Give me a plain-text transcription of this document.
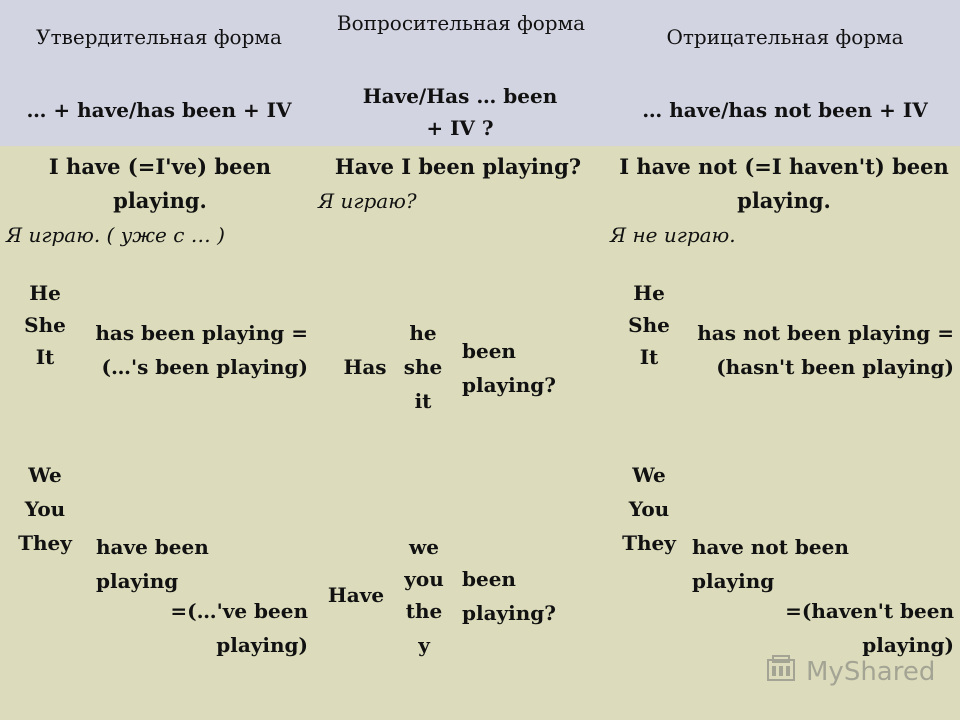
Утвердительная форма
Вопросительная форма
Отрицательная форма
… + have/has been + IV
Have/Has … been + IV ?
… have/has not been + IV
I have (=I've) been playing.
Я играю. ( уже с … )
Have I been playing?
Я играю?
I have not (=I haven't) been playing.
Я не играю.
He
She
It
has been playing =(…'s been playing)	Has
he
she
it
been playing?
He
She
It
has not been playing =(hasn't been playing)
We
You
They	have been playing
=(…'ve been playing)
Have
we
you
the y
been playing?
We
You
They have not been playing
=(haven't been playing)
MyShared
